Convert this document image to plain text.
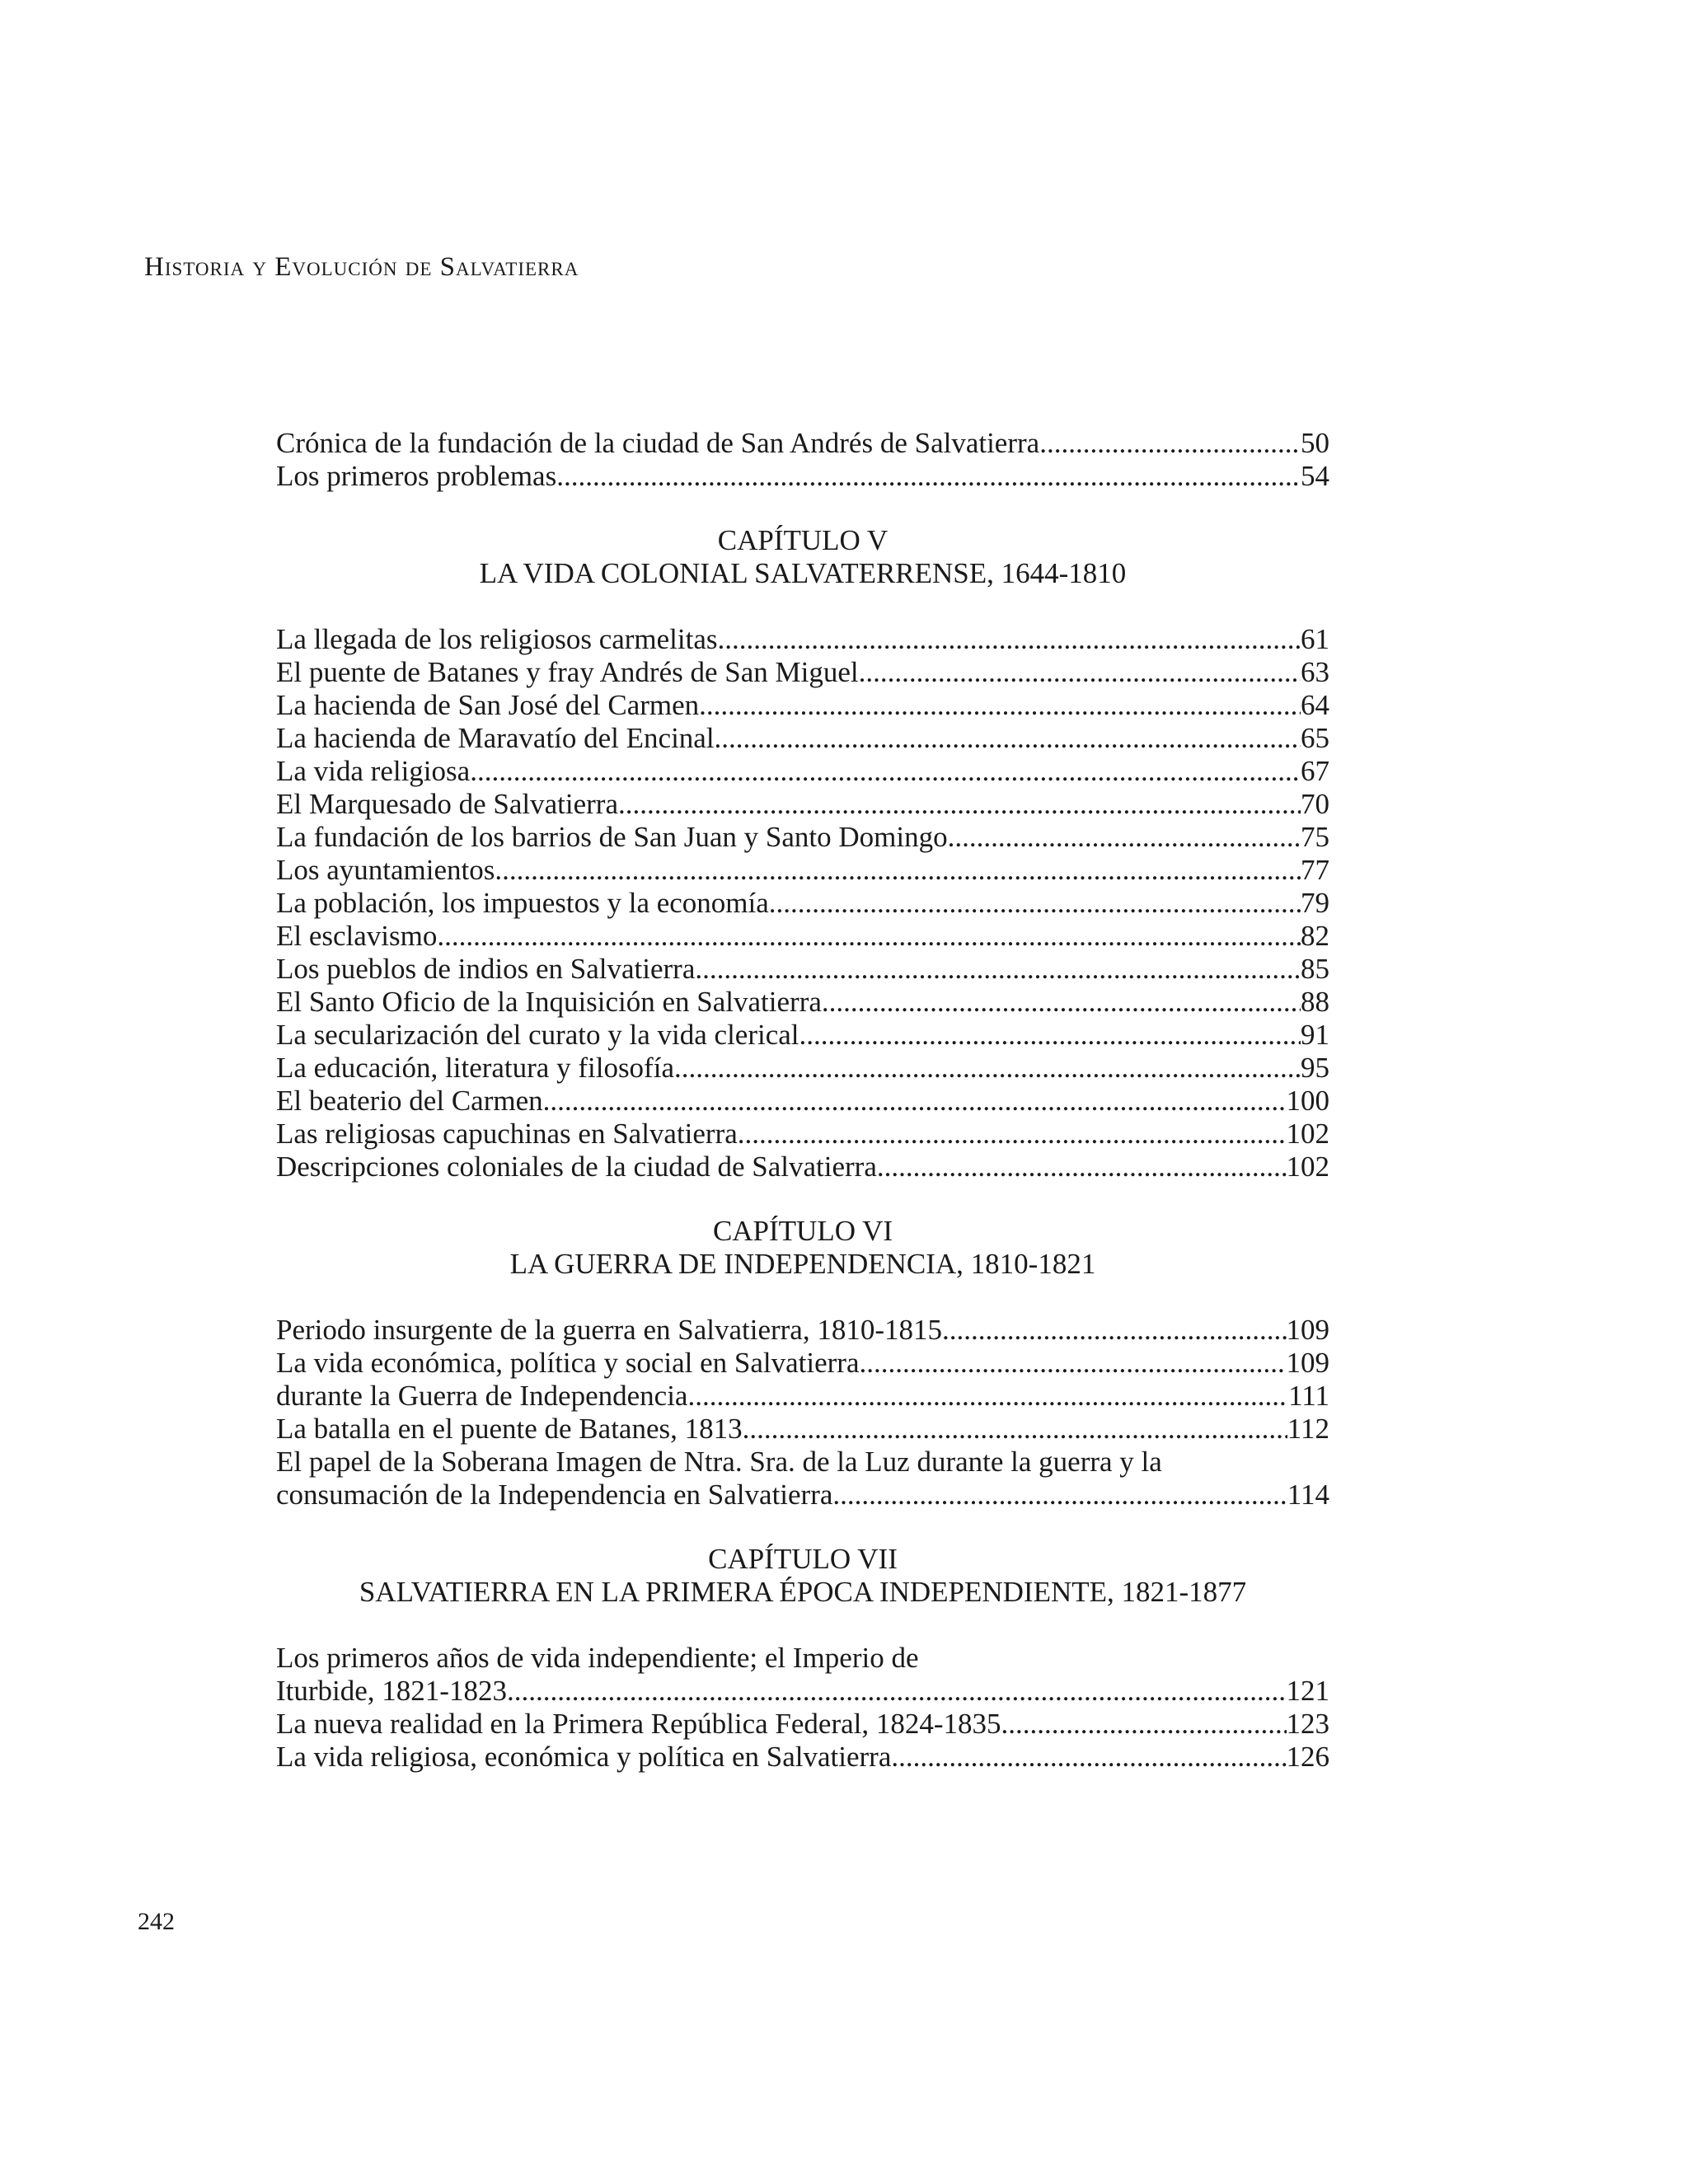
Historia y Evolución de Salvatierra
Crónica de la fundación de la ciudad de San Andrés de Salvatierra .....	50
Los primeros problemas .....	54
CAPÍTULO V
LA VIDA COLONIAL SALVATERRENSE, 1644-1810
La llegada de los religiosos carmelitas .....	61
El puente de Batanes y fray Andrés de San Miguel .....	63
La hacienda de San José del Carmen .....	64
La hacienda de Maravatío del Encinal .....	65
La vida religiosa .....	67
El Marquesado de Salvatierra .....	70
La fundación de los barrios de San Juan y Santo Domingo .....	75
Los ayuntamientos .....	77
La población, los impuestos y la economía .....	79
El esclavismo .....	82
Los pueblos de indios en Salvatierra .....	85
El Santo Oficio de la Inquisición en Salvatierra .....	88
La secularización del curato y la vida clerical .....	91
La educación, literatura y filosofía .....	95
El beaterio del Carmen .....	100
Las religiosas capuchinas en Salvatierra .....	102
Descripciones coloniales de la ciudad de Salvatierra .....	102
CAPÍTULO VI
LA GUERRA DE INDEPENDENCIA, 1810-1821
Periodo insurgente de la guerra en Salvatierra, 1810-1815 .....	109
La vida económica, política y social en Salvatierra .....	109
durante la Guerra de Independencia .....	111
La batalla en el puente de Batanes, 1813 .....	112
El papel de la Soberana Imagen de Ntra. Sra. de la Luz durante la guerra y la
consumación de la Independencia en Salvatierra .....	114
CAPÍTULO VII
SALVATIERRA EN LA PRIMERA ÉPOCA INDEPENDIENTE, 1821-1877
Los primeros años de vida independiente; el Imperio de
Iturbide, 1821-1823 .....	121
La nueva realidad en la Primera República Federal, 1824-1835 .....	123
La vida religiosa, económica y política en Salvatierra .....	126
242
